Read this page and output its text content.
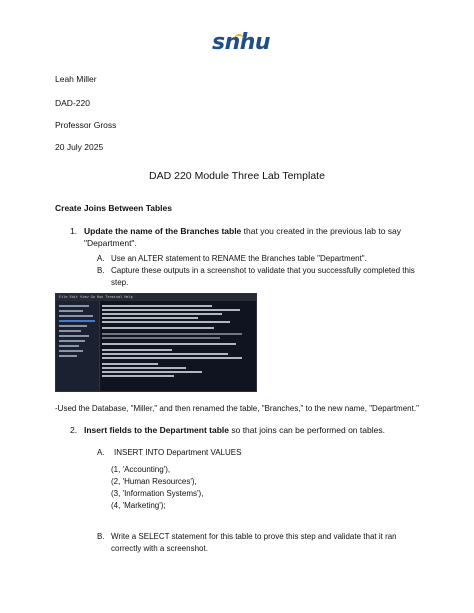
snhu
Leah Miller
DAD-220
Professor Gross
20 July 2025
DAD 220 Module Three Lab Template
Create Joins Between Tables
1. Update the name of the Branches table that you created in the previous lab to say
"Department".
A. Use an ALTER statement to RENAME the Branches table "Department".
B. Capture these outputs in a screenshot to validate that you successfully completed this
step.
File Edit View Go Run Terminal Help
-Used the Database, "Miller," and then renamed the table, "Branches," to the new name, "Department."
2. Insert fields to the Department table so that joins can be performed on tables.
A. INSERT INTO Department VALUES
(1, 'Accounting'),
(2, 'Human Resources'),
(3, 'Information Systems'),
(4, 'Marketing');
B. Write a SELECT statement for this table to prove this step and validate that it ran
correctly with a screenshot.
